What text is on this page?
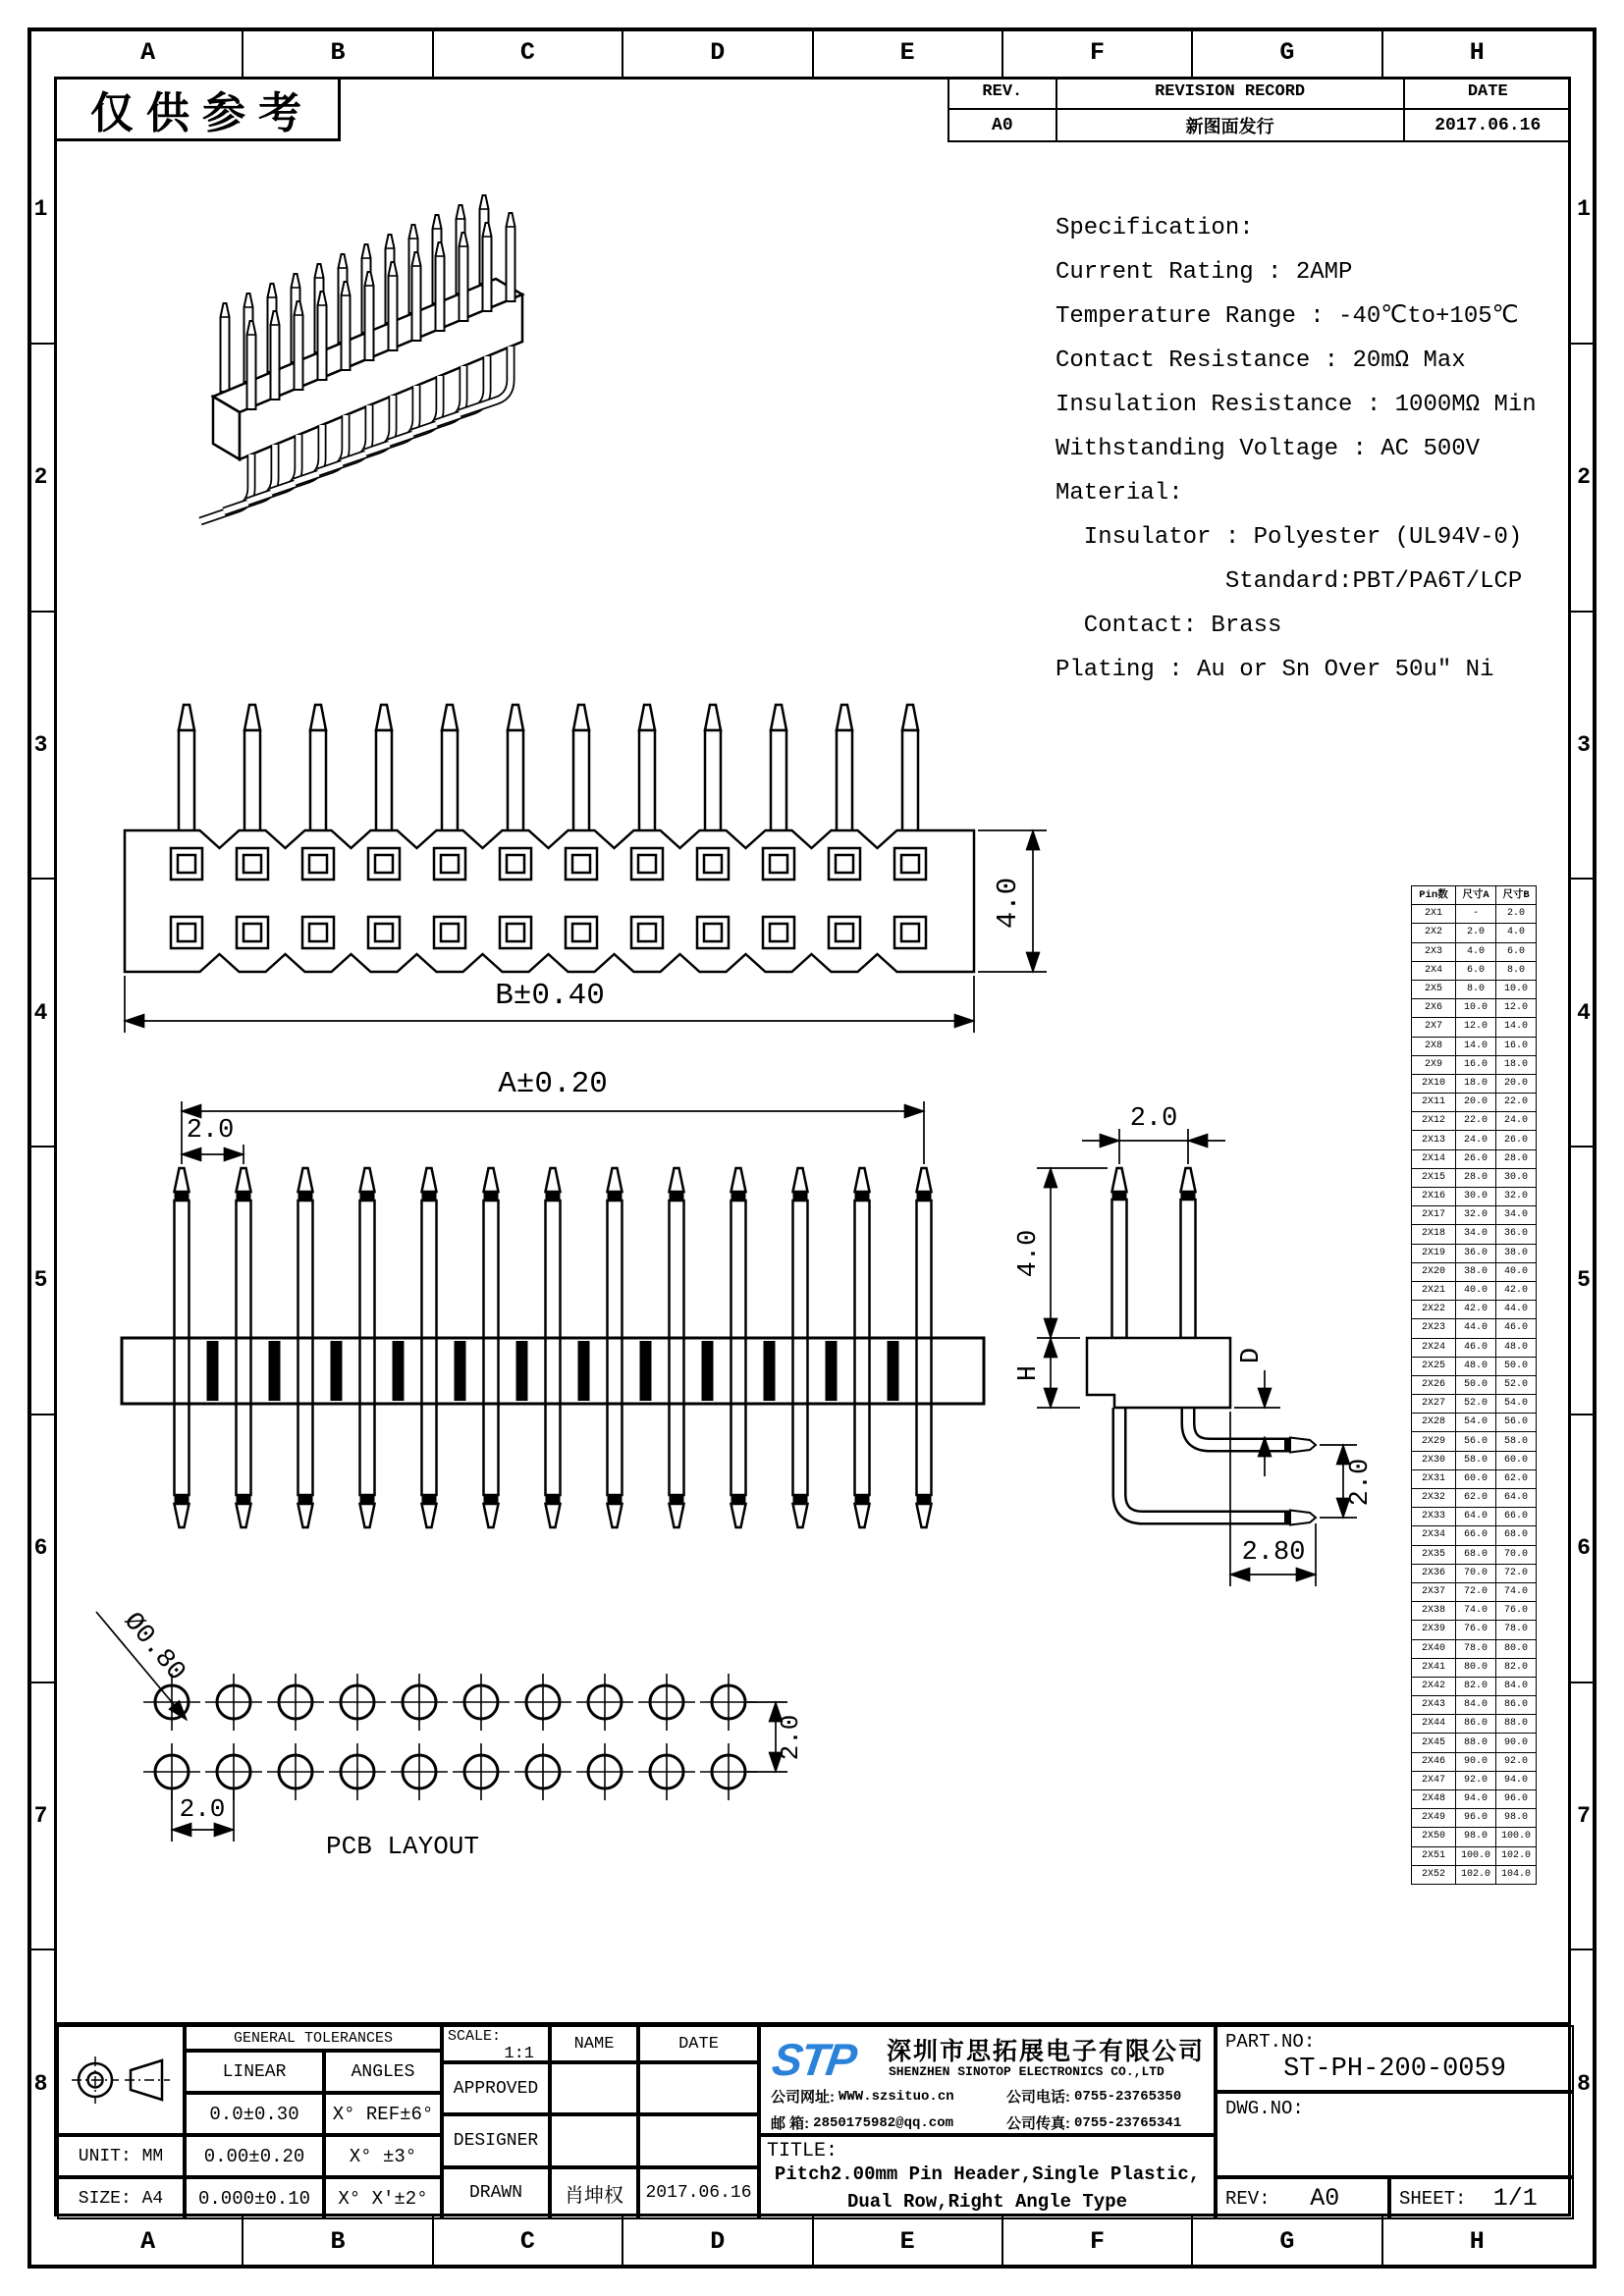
A	B	C	D	E	F	G	H
A	B	C	D	E	F	G	H
1
2
3
4
5
6
7
8
1
2
3
4
5
6
7
8
仅供参考	REV.	REVISION RECORD	DATE
A0	新图面发行	2017.06.16
Specification:
Current Rating : 2AMP
Temperature Range : -40℃to+105℃
Contact Resistance : 20mΩ Max
Insulation Resistance : 1000MΩ Min
Withstanding Voltage : AC 500V
Material:
Insulator : Polyester (UL94V-0)
Standard:PBT/PA6T/LCP
Contact: Brass
Plating : Au or Sn Over 50u″ Ni
B±0.40
4.0
A±0.20
2.0	2.0
4.0
H
D
2.0
2.80
Ø0.80
2.0
2.0
PCB LAYOUT
Pin数	尺寸A	尺寸B
2X1	-	2.0
2X2	2.0	4.0
2X3	4.0	6.0
2X4	6.0	8.0
2X5	8.0	10.0
2X6	10.0	12.0
2X7	12.0	14.0
2X8	14.0	16.0
2X9	16.0	18.0
2X10	18.0	20.0
2X11	20.0	22.0
2X12	22.0	24.0
2X13	24.0	26.0
2X14	26.0	28.0
2X15	28.0	30.0
2X16	30.0	32.0
2X17	32.0	34.0
2X18	34.0	36.0
2X19	36.0	38.0
2X20	38.0	40.0
2X21	40.0	42.0
2X22	42.0	44.0
2X23	44.0	46.0
2X24	46.0	48.0
2X25	48.0	50.0
2X26	50.0	52.0
2X27	52.0	54.0
2X28	54.0	56.0
2X29	56.0	58.0
2X30	58.0	60.0
2X31	60.0	62.0
2X32	62.0	64.0
2X33	64.0	66.0
2X34	66.0	68.0
2X35	68.0	70.0
2X36	70.0	72.0
2X37	72.0	74.0
2X38	74.0	76.0
2X39	76.0	78.0
2X40	78.0	80.0
2X41	80.0	82.0
2X42	82.0	84.0
2X43	84.0	86.0
2X44	86.0	88.0
2X45	88.0	90.0
2X46	90.0	92.0
2X47	92.0	94.0
2X48	94.0	96.0
2X49	96.0	98.0
2X50	98.0	100.0
2X51	100.0	102.0
2X52	102.0	104.0
UNIT: MM
SIZE: A4
GENERAL TOLERANCES
LINEAR	ANGLES
0.0±0.30	X° REF±6°
0.00±0.20	X° ±3°
0.000±0.10	X° X'±2°
SCALE:
1:1
NAME	DATE
APPROVED
DESIGNER
DRAWN	肖坤权	2017.06.16
STP 深圳市思拓展电子有限公司
SHENZHEN SINOTOP ELECTRONICS CO.,LTD
公司网址: WWW.szsituo.cn	公司电话: 0755-23765350
邮 箱: 2850175982@qq.com	公司传真: 0755-23765341
TITLE:
Pitch2.00mm Pin Header,Single Plastic,
Dual Row,Right Angle Type
PART.NO:
ST-PH-200-0059
DWG.NO:
REV:	A0	SHEET:	1/1
